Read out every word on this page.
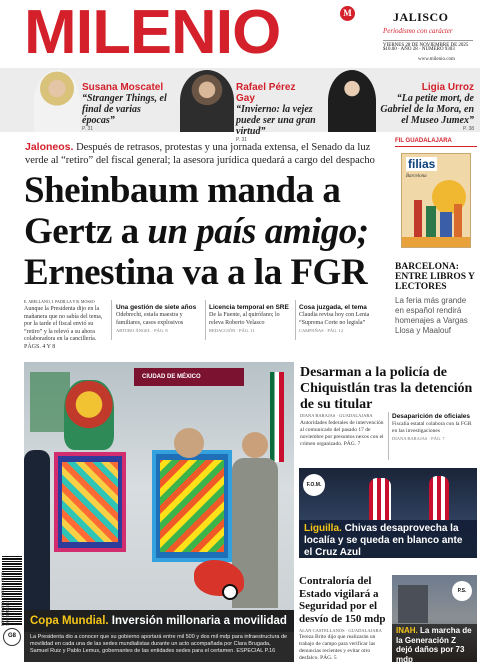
MILENIO	M	JALISCO
Periodismo con carácter
VIERNES 28 DE NOVIEMBRE DE 2025
$10.00 · AÑO 28 · NÚMERO 9303
www.milenio.com
Susana Moscatel
“Stranger Things, el final de varias épocas”
P. 31
Rafael Pérez Gay
“Invierno: la vejez puede ser una gran virtud”
P. 31
Ligia Urroz
“La petite mort, de Gabriel de la Mora, en el Museo Jumex”
P. 38
Jaloneos. Después de retrasos, protestas y una jornada extensa, el Senado da luz verde al “retiro” del fiscal general; la asesora jurídica quedará a cargo del despacho
Sheinbaum manda a
Gertz a un país amigo;
Ernestina va a la FGR
E. ARELLANO, I. PADILLA Y R. MOSSO
Aunque la Presidenta dijo en la mañanera que no sabía del tema, por la tarde el fiscal envió su “retiro” y la relevó a su ahora colaboradora en la cancillería. PÁGS. 4 Y 8
Una gestión de siete años
Odebrecht, estafa maestra y familiares, casos explosivos
ARTURO ÁNGEL · PÁG. 8
Licencia temporal en SRE
De la Fuente, al quirófano; lo releva Roberto Velasco
REDACCIÓN · PÁG. 11
Cosa juzgada, el tema
Claudia revisa hoy con Lenia “Suprema Corte no legisla”
CAMPAÑAS · PÁG. 12
FIL GUADALAJARA
filias
Barcelona
BARCELONA: ENTRE LIBROS Y LECTORES
La feria más grande en español rendirá homenajes a Vargas Llosa y Maalouf
CIUDAD DE MÉXICO
Copa Mundial. Inversión millonaria a movilidad
La Presidenta dio a conocer que su gobierno aportará entre mil 500 y dos mil mdp para infraestructura de movilidad en cada una de las sedes mundialistas durante un acto acompañada por Clara Brugada, Samuel Ruiz y Pablo Lemus, gobernantes de las entidades sedes para el certamen. ESPECIAL P.16
Desarman a la policía de Chiquistlán tras la detención de su titular
DIANA BARAJAS · GUADALAJARA
Autoridades federales de intervención al comunicado del pasado 17 de noviembre por presuntos nexos con el crimen organizado. PÁG. 7
Desaparición de oficiales
Fiscalía estatal colabora con la FGR en las investigaciones
DIANA BARAJAS · PÁG. 7
F.O.M.
Liguilla. Chivas desaprovecha la localía y se queda en blanco ante el Cruz Azul
Contraloría del Estado vigilará a Seguridad por el desvío de 150 mdp
ALAN CASTELLANOS · GUADALAJARA
Tereza Brito dijo que realizarán un trabajo de campo para verificar las denuncias recientes y evitar otro desfalco. PÁG. 5
P.S.
INAH. La marcha de la Generación Z dejó daños por 73 mdp
EDICIÓN DEL VIERNES 28 DE NOVIEMBRE
G8
